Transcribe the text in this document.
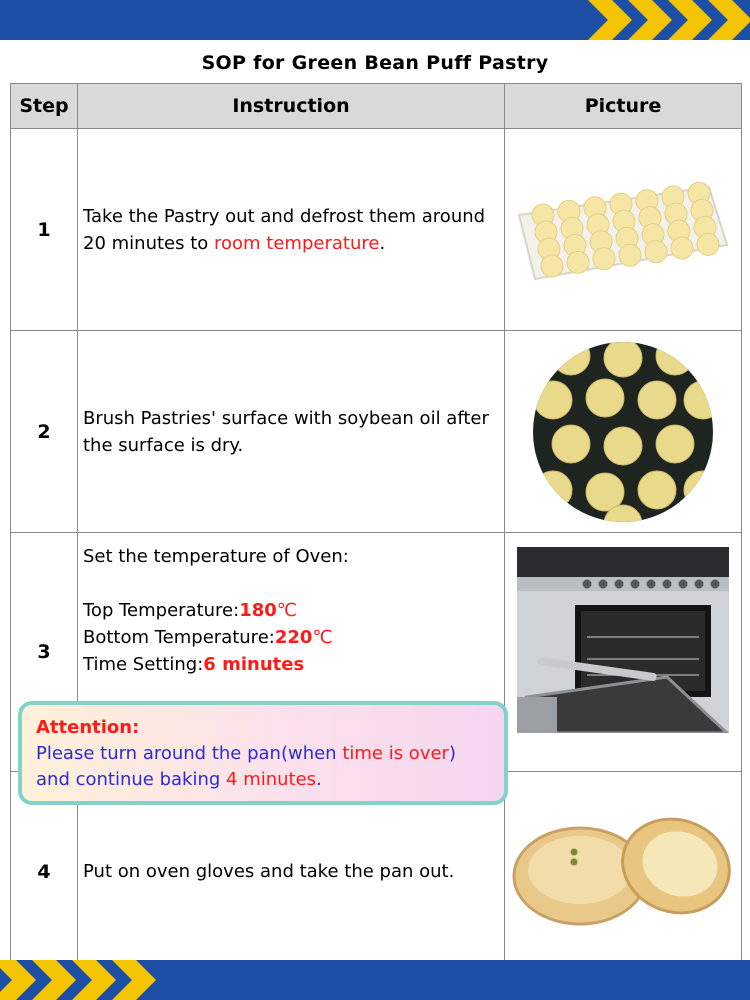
SOP for Green Bean Puff Pastry
Step	Instruction	Picture
1	Take the Pastry out and defrost them around 20 minutes to room temperature.	

2	Brush Pastries' surface with soybean oil after the surface is dry.	

3	Set the temperature of Oven:
Top Temperature:180℃
Bottom Temperature:220℃
Time Setting:6 minutes

4	Put on oven gloves and take the pan out.	
Attention:
Please turn around the pan(when time is over) and continue baking 4 minutes.
